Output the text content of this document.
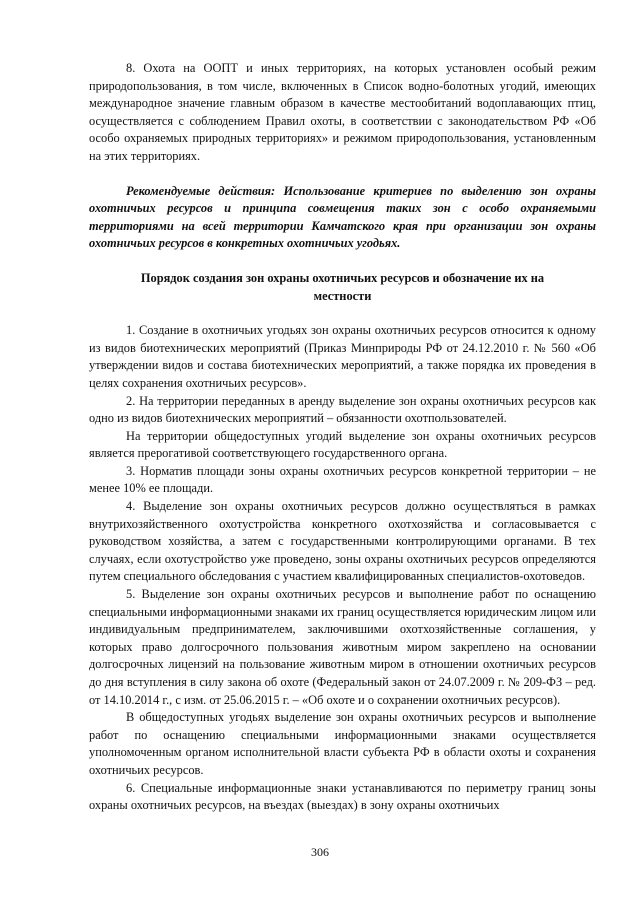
8. Охота на ООПТ и иных территориях, на которых установлен особый режим природопользования, в том числе, включенных в Список водно-болотных угодий, имеющих международное значение главным образом в качестве местообитаний водоплавающих птиц, осуществляется с соблюдением Правил охоты, в соответствии с законодательством РФ «Об особо охраняемых природных территориях» и режимом природопользования, установленным на этих территориях.

Рекомендуемые действия: Использование критериев по выделению зон охраны охотничьих ресурсов и принципа совмещения таких зон с особо охраняемыми территориями на всей территории Камчатского края при организации зон охраны охотничьих ресурсов в конкретных охотничьих угодьях.

Порядок создания зон охраны охотничьих ресурсов и обозначение их на местности

1. Создание в охотничьих угодьях зон охраны охотничьих ресурсов относится к одному из видов биотехнических мероприятий (Приказ Минприроды РФ от 24.12.2010 г. № 560 «Об утверждении видов и состава биотехнических мероприятий, а также порядка их проведения в целях сохранения охотничьих ресурсов».

2. На территории переданных в аренду выделение зон охраны охотничьих ресурсов как одно из видов биотехнических мероприятий – обязанности охотпользователей.

На территории общедоступных угодий выделение зон охраны охотничьих ресурсов является прерогативой соответствующего государственного органа.

3. Норматив площади зоны охраны охотничьих ресурсов конкретной территории – не менее 10% ее площади.

4. Выделение зон охраны охотничьих ресурсов должно осуществляться в рамках внутрихозяйственного охотустройства конкретного охотхозяйства и согласовывается с руководством хозяйства, а затем с государственными контролирующими органами. В тех случаях, если охотустройство уже проведено, зоны охраны охотничьих ресурсов определяются путем специального обследования с участием квалифицированных специалистов-охотоведов.

5. Выделение зон охраны охотничьих ресурсов и выполнение работ по оснащению специальными информационными знаками их границ осуществляется юридическим лицом или индивидуальным предпринимателем, заключившими охотхозяйственные соглашения, у которых право долгосрочного пользования животным миром закреплено на основании долгосрочных лицензий на пользование животным миром в отношении охотничьих ресурсов до дня вступления в силу закона об охоте (Федеральный закон от 24.07.2009 г. № 209-ФЗ – ред. от 14.10.2014 г., с изм. от 25.06.2015 г. – «Об охоте и о сохранении охотничьих ресурсов).

В общедоступных угодьях выделение зон охраны охотничьих ресурсов и выполнение работ по оснащению специальными информационными знаками осуществляется уполномоченным органом исполнительной власти субъекта РФ в области охоты и сохранения охотничьих ресурсов.

6. Специальные информационные знаки устанавливаются по периметру границ зоны охраны охотничьих ресурсов, на въездах (выездах) в зону охраны охотничьих

306
